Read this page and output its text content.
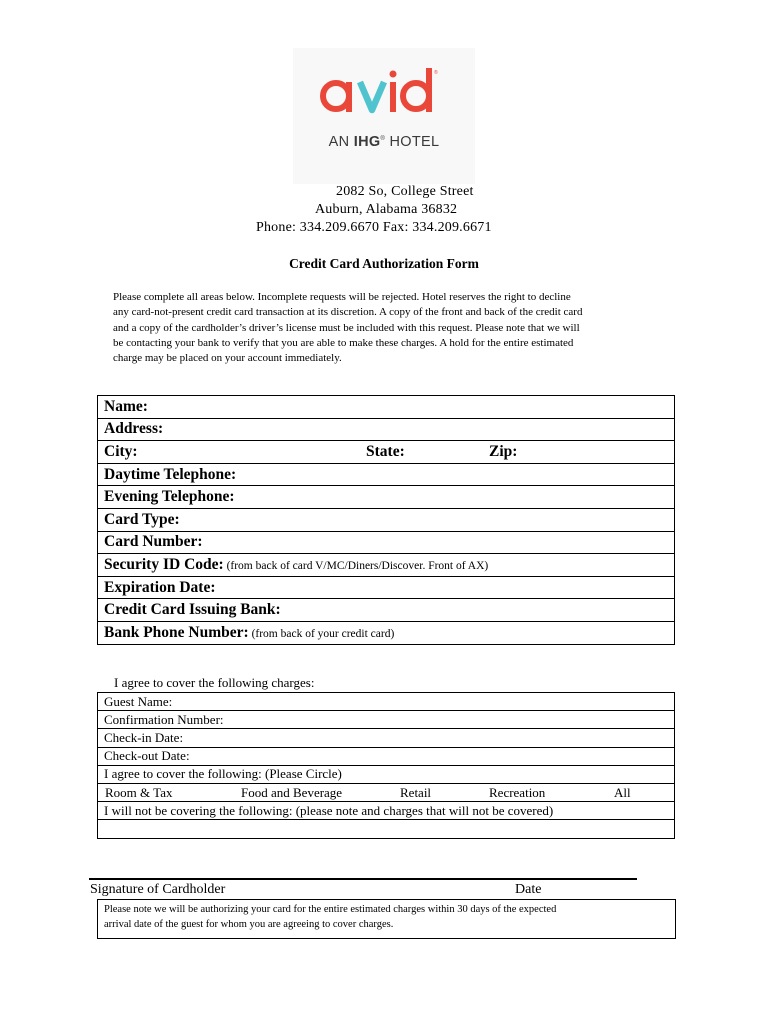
®
AN IHG® HOTEL
2082 So, College Street
Auburn, Alabama 36832
Phone: 334.209.6670 Fax: 334.209.6671
Credit Card Authorization Form
Please complete all areas below. Incomplete requests will be rejected. Hotel reserves the right to decline
any card-not-present credit card transaction at its discretion. A copy of the front and back of the credit card
and a copy of the cardholder’s driver’s license must be included with this request. Please note that we will
be contacting your bank to verify that you are able to make these charges. A hold for the entire estimated
charge may be placed on your account immediately.
Name:
Address:

City:	State:	Zip:

Daytime Telephone:
Evening Telephone:
Card Type:
Card Number:
Security ID Code: (from back of card V/MC/Diners/Discover. Front of AX)
Expiration Date:
Credit Card Issuing Bank:
Bank Phone Number: (from back of your credit card)
I agree to cover the following charges:
Guest Name:
Confirmation Number:
Check-in Date:
Check-out Date:
I agree to cover the following: (Please Circle)

Room & Tax	Food and Beverage	Retail	Recreation	All

I will not be covering the following: (please note and charges that will not be covered)

Signature of Cardholder	Date
Please note we will be authorizing your card for the entire estimated charges within 30 days of the expected
arrival date of the guest for whom you are agreeing to cover charges.
